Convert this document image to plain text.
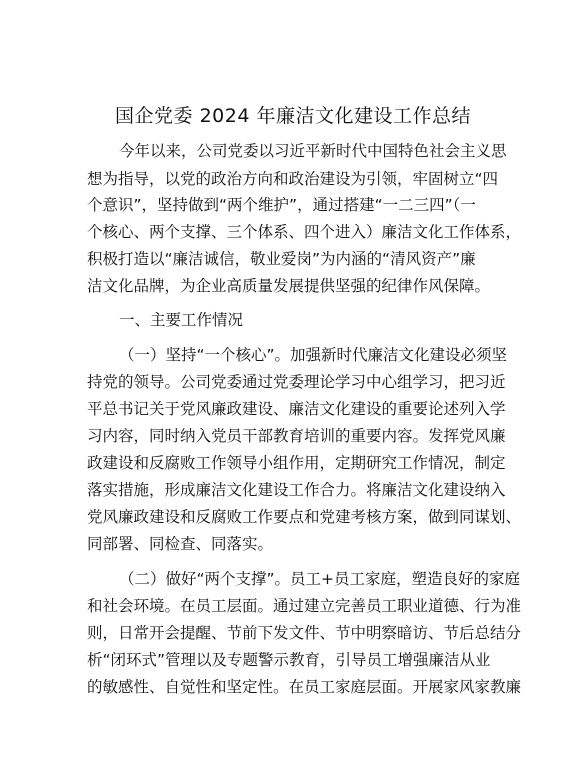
国企党委 2024 年廉洁文化建设工作总结
今年以来，公司党委以习近平新时代中国特色社会主义思
想为指导，以党的政治方向和政治建设为引领，牢固树立“四
个意识”，坚持做到“两个维护”，通过搭建“一二三四”（一
个核心、两个支撑、三个体系、四个进入）廉洁文化工作体系，
积极打造以“廉洁诚信，敬业爱岗”为内涵的“清风资产”廉
洁文化品牌，为企业高质量发展提供坚强的纪律作风保障。
一、主要工作情况
（一）坚持“一个核心”。加强新时代廉洁文化建设必须坚
持党的领导。公司党委通过党委理论学习中心组学习，把习近
平总书记关于党风廉政建设、廉洁文化建设的重要论述列入学
习内容，同时纳入党员干部教育培训的重要内容。发挥党风廉
政建设和反腐败工作领导小组作用，定期研究工作情况，制定
落实措施，形成廉洁文化建设工作合力。将廉洁文化建设纳入
党风廉政建设和反腐败工作要点和党建考核方案，做到同谋划、
同部署、同检查、同落实。
（二）做好“两个支撑”。员工+员工家庭，塑造良好的家庭
和社会环境。在员工层面。通过建立完善员工职业道德、行为准
则，日常开会提醒、节前下发文件、节中明察暗访、节后总结分
析“闭环式”管理以及专题警示教育，引导员工增强廉洁从业
的敏感性、自觉性和坚定性。在员工家庭层面。开展家风家教廉
